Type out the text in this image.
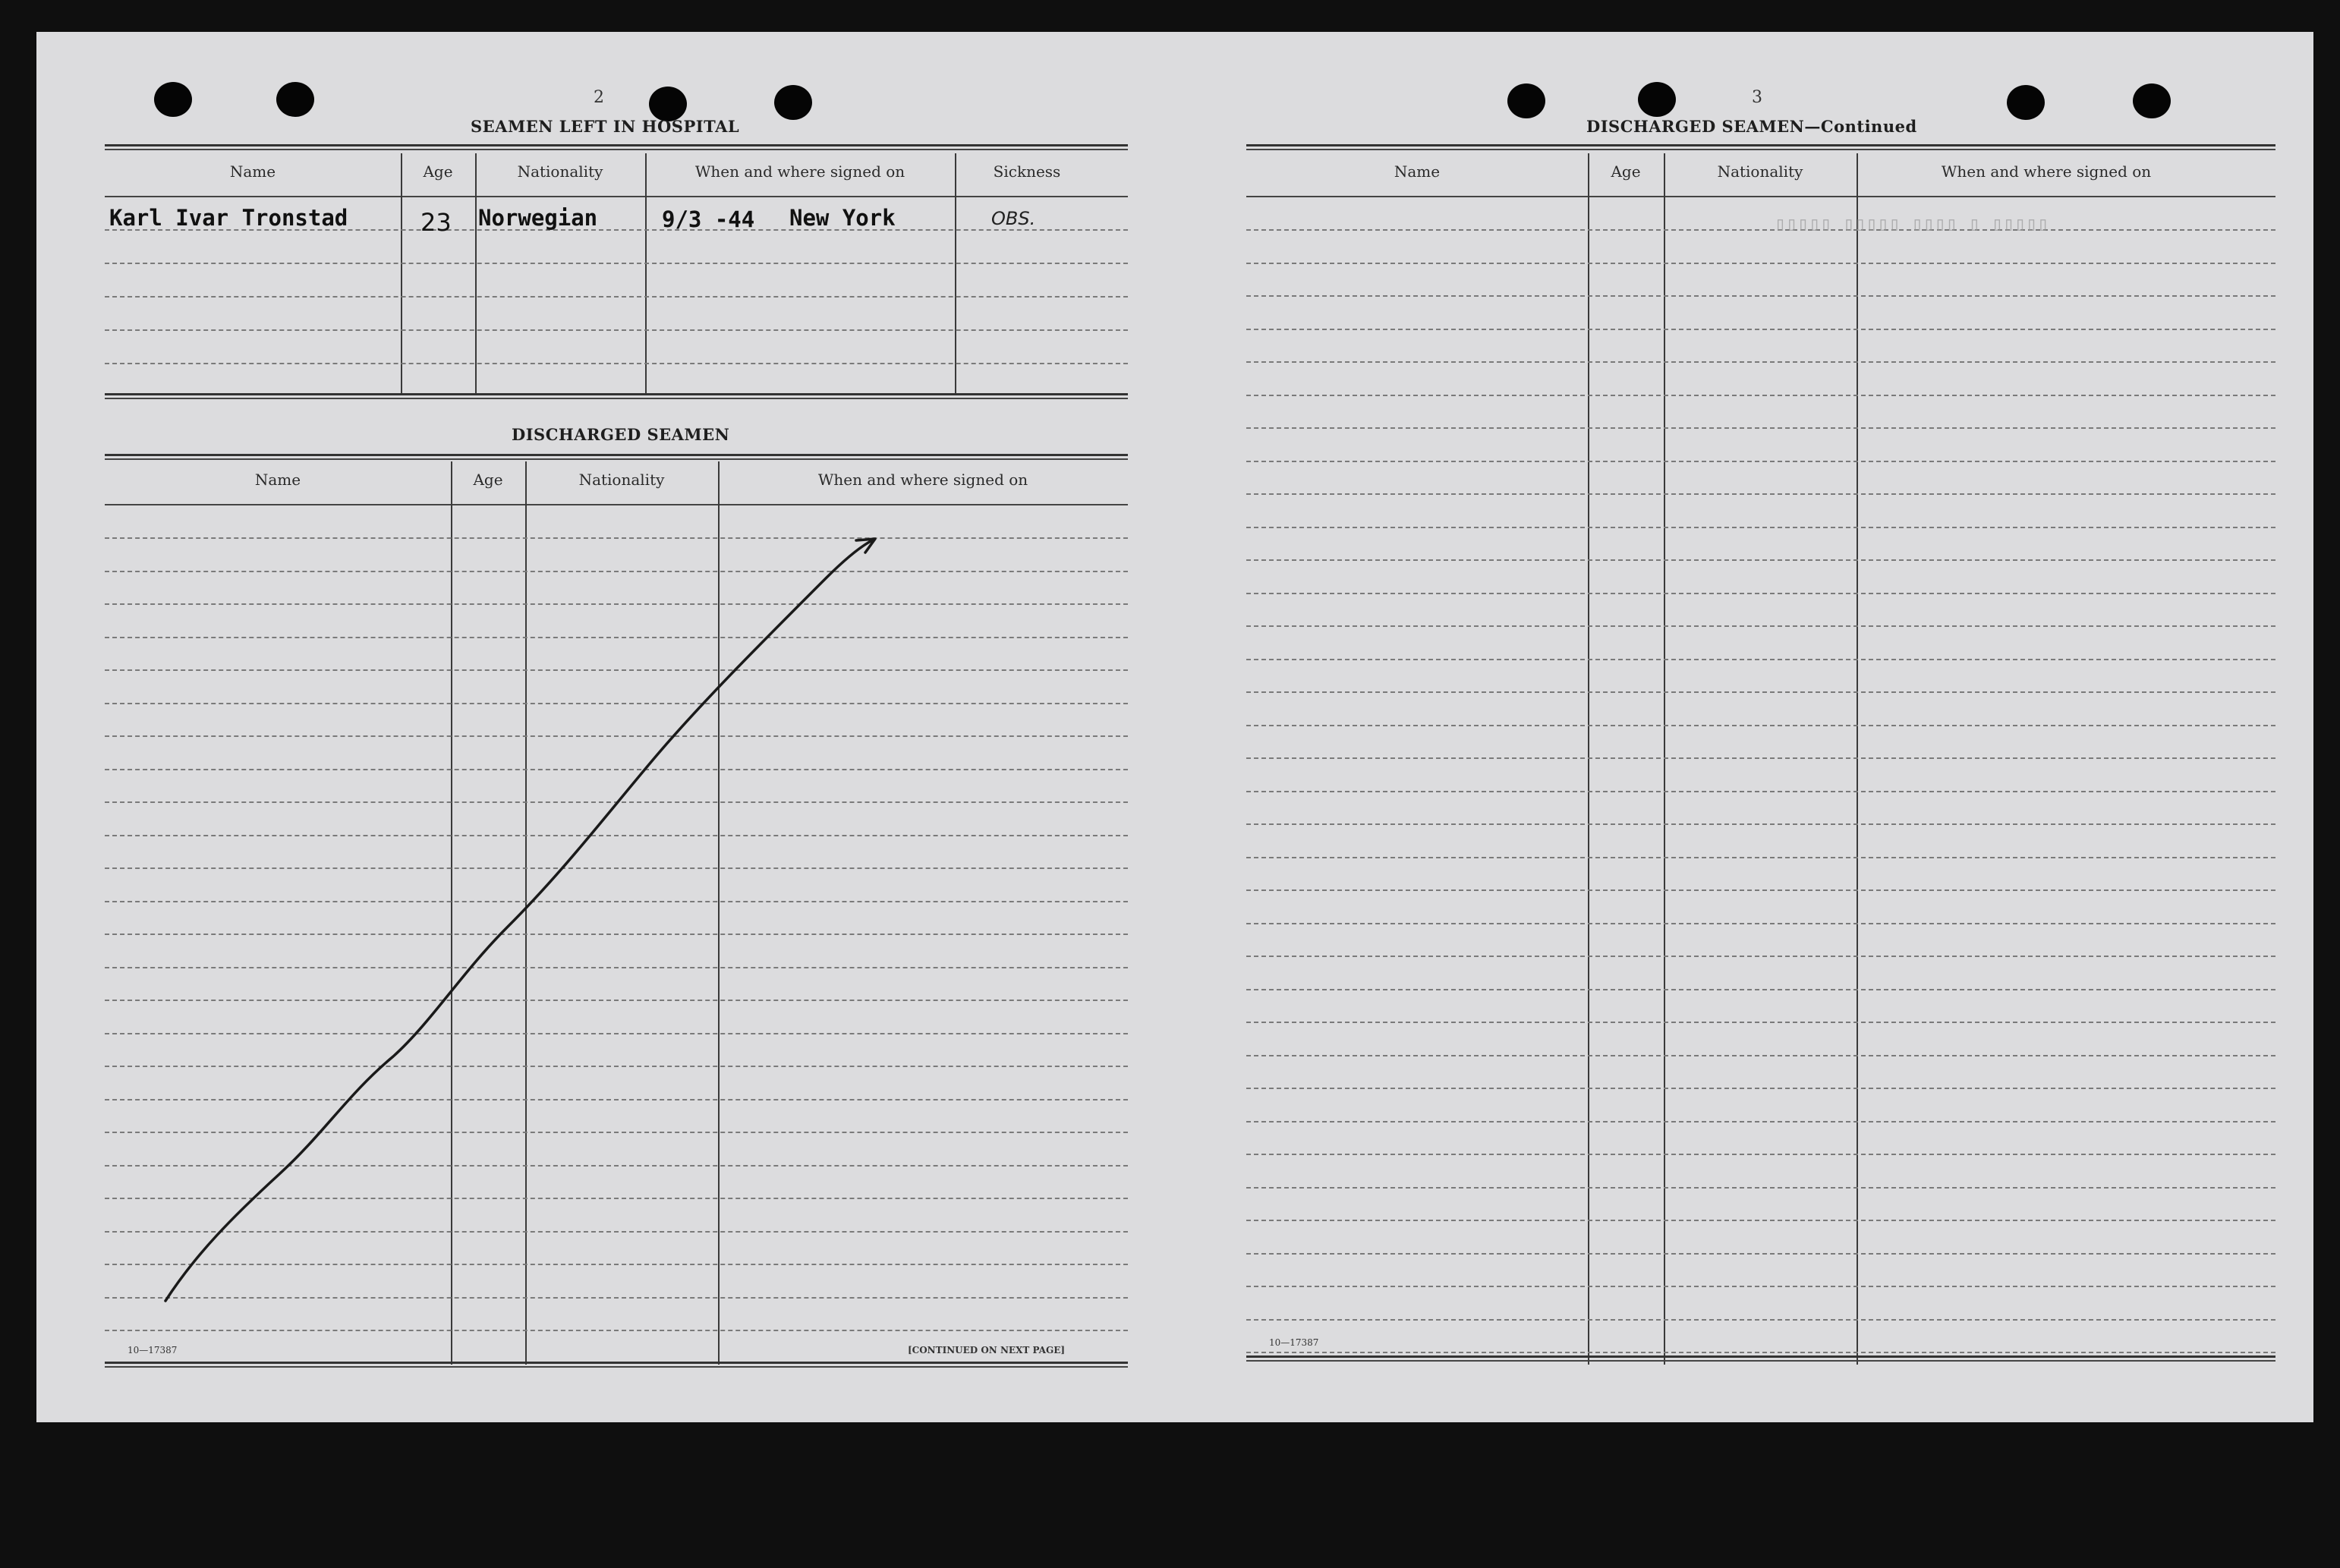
2
SEAMEN LEFT IN HOSPITAL
Name	Age	Nationality	When and where signed on	Sickness
Karl Ivar Tronstad	23 Norwegian	9/3 -44 New York	OBS.
DISCHARGED SEAMEN
Name	Age	Nationality	When and where signed on
10—17387	[CONTINUED ON NEXT PAGE]
3
DISCHARGED SEAMEN—Continued
Name	Age	Nationality	When and where signed on
10—17387
▯▯▯▯▯ ▯ ▯▯▯▯ ▯▯▯▯▯ ▯▯▯▯▯
